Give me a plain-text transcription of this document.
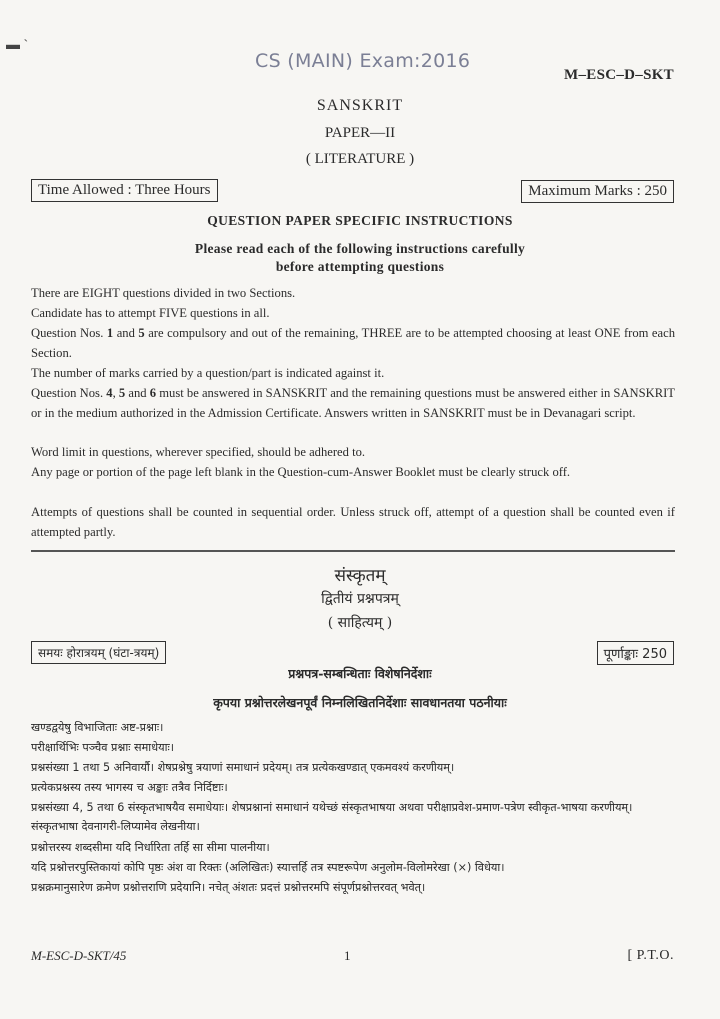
▬ ˋ
CS (MAIN) Exam:2016
M–ESC–D–SKT
SANSKRIT
PAPER—II
( LITERATURE )
Time Allowed : Three Hours	Maximum Marks : 250
QUESTION PAPER SPECIFIC INSTRUCTIONS
Please read each of the following instructions carefully
before attempting questions
There are EIGHT questions divided in two Sections.
Candidate has to attempt FIVE questions in all.
Question Nos. 1 and 5 are compulsory and out of the remaining, THREE are to be attempted choosing at least ONE from each Section.
The number of marks carried by a question/part is indicated against it.
Question Nos. 4, 5 and 6 must be answered in SANSKRIT and the remaining questions must be answered either in SANSKRIT or in the medium authorized in the Admission Certificate. Answers written in SANSKRIT must be in Devanagari script.
Word limit in questions, wherever specified, should be adhered to.
Any page or portion of the page left blank in the Question-cum-Answer Booklet must be clearly struck off.
Attempts of questions shall be counted in sequential order. Unless struck off, attempt of a question shall be counted even if attempted partly.
संस्कृतम्
द्वितीयं प्रश्नपत्रम्
( साहित्यम् )
समयः होरात्रयम् (घंटा-त्रयम्)	पूर्णाङ्काः 250
प्रश्नपत्र-सम्बन्धिताः विशेषनिर्देशाः
कृपया प्रश्नोत्तरलेखनपूर्वं निम्नलिखितनिर्देशाः सावधानतया पठनीयाः
खण्डद्वयेषु विभाजिताः अष्ट-प्रश्नाः।
परीक्षार्थिभिः पञ्चैव प्रश्नाः समाधेयाः।
प्रश्नसंख्या 1 तथा 5 अनिवार्यौ। शेषप्रश्नेषु त्रयाणां समाधानं प्रदेयम्। तत्र प्रत्येकखण्डात् एकमवश्यं करणीयम्।
प्रत्येकप्रश्नस्य तस्य भागस्य च अङ्काः तत्रैव निर्दिष्टाः।
प्रश्नसंख्या 4, 5 तथा 6 संस्कृतभाषयैव समाधेयाः। शेषप्रश्नानां समाधानं यथेच्छं संस्कृतभाषया अथवा परीक्षाप्रवेश-प्रमाण-पत्रेण स्वीकृत-भाषया करणीयम्। संस्कृतभाषा देवनागरी-लिप्यामेव लेखनीया।
प्रश्नोत्तरस्य शब्दसीमा यदि निर्धारिता तर्हि सा सीमा पालनीया।
यदि प्रश्नोत्तरपुस्तिकायां कोपि पृष्ठः अंश वा रिक्तः (अलिखितः) स्यात्तर्हि तत्र स्पष्टरूपेण अनुलोम-विलोमरेखा (×) विधेया।
प्रश्नक्रमानुसारेण क्रमेण प्रश्नोत्तराणि प्रदेयानि। नचेत् अंशतः प्रदत्तं प्रश्नोत्तरमपि संपूर्णप्रश्नोत्तरवत् भवेत्।
M-ESC-D-SKT/45	1	[ P.T.O.
